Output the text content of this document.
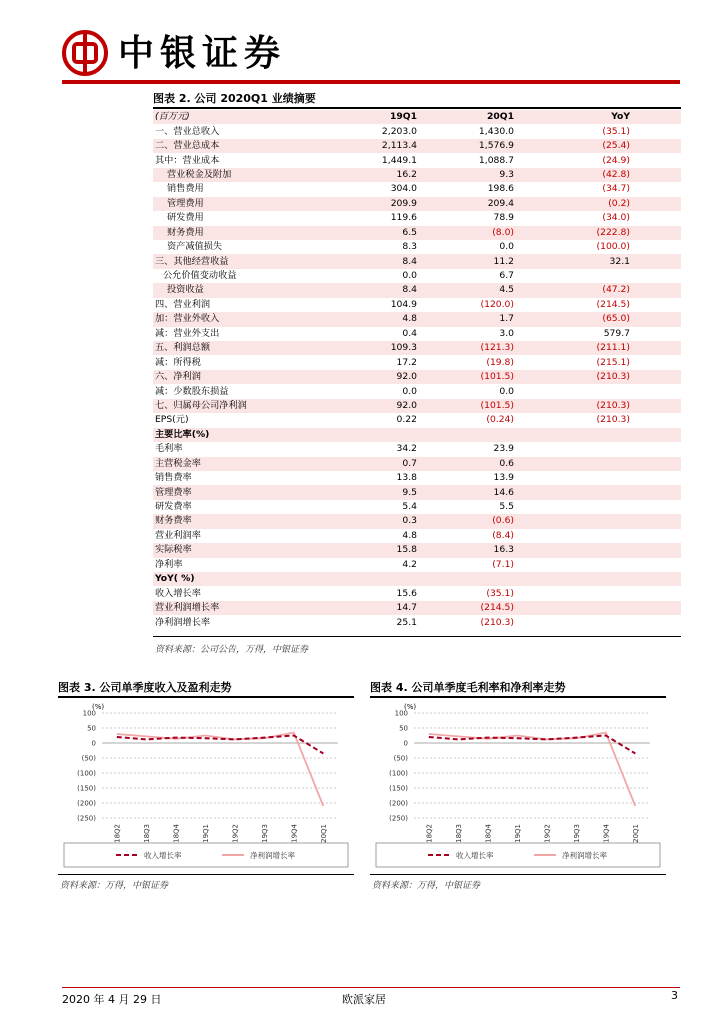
中银证券
图表 2. 公司 2020Q1 业绩摘要
(百万元)	19Q1	20Q1	YoY
一、营业总收入	2,203.0	1,430.0	(35.1)
二、营业总成本	2,113.4	1,576.9	(25.4)
其中：营业成本	1,449.1	1,088.7	(24.9)
营业税金及附加	16.2	9.3	(42.8)
销售费用	304.0	198.6	(34.7)
管理费用	209.9	209.4	(0.2)
研发费用	119.6	78.9	(34.0)
财务费用	6.5	(8.0)	(222.8)
资产减值损失	8.3	0.0	(100.0)
三、其他经营收益	8.4	11.2	32.1
公允价值变动收益	0.0	6.7	
投资收益	8.4	4.5	(47.2)
四、营业利润	104.9	(120.0)	(214.5)
加：营业外收入	4.8	1.7	(65.0)
减：营业外支出	0.4	3.0	579.7
五、利润总额	109.3	(121.3)	(211.1)
减：所得税	17.2	(19.8)	(215.1)
六、净利润	92.0	(101.5)	(210.3)
减：少数股东损益	0.0	0.0	
七、归属母公司净利润	92.0	(101.5)	(210.3)
EPS(元)	0.22	(0.24)	(210.3)
主要比率(%)			
毛利率	34.2	23.9	
主营税金率	0.7	0.6	
销售费率	13.8	13.9	
管理费率	9.5	14.6	
研发费率	5.4	5.5	
财务费率	0.3	(0.6)	
营业利润率	4.8	(8.4)	
实际税率	15.8	16.3	
净利率	4.2	(7.1)	
YoY( %)			
收入增长率	15.6	(35.1)	
营业利润增长率	14.7	(214.5)	
净利润增长率	25.1	(210.3)	
资料来源：公司公告，万得，中银证券
图表 3. 公司单季度收入及盈利走势
(%)
100
50
0
(50)
(100)
(150)
(200)
(250)
18Q2	18Q3	18Q4	19Q1	19Q2	19Q3	19Q4	20Q1
收入增长率	净利润增长率
资料来源：万得，中银证券
图表 4. 公司单季度毛利率和净利率走势
(%)
100
50
0
(50)
(100)
(150)
(200)
(250)
18Q2	18Q3	18Q4	19Q1	19Q2	19Q3	19Q4	20Q1
收入增长率	净利润增长率
资料来源：万得，中银证券
2020 年 4 月 29 日	欧派家居	3
